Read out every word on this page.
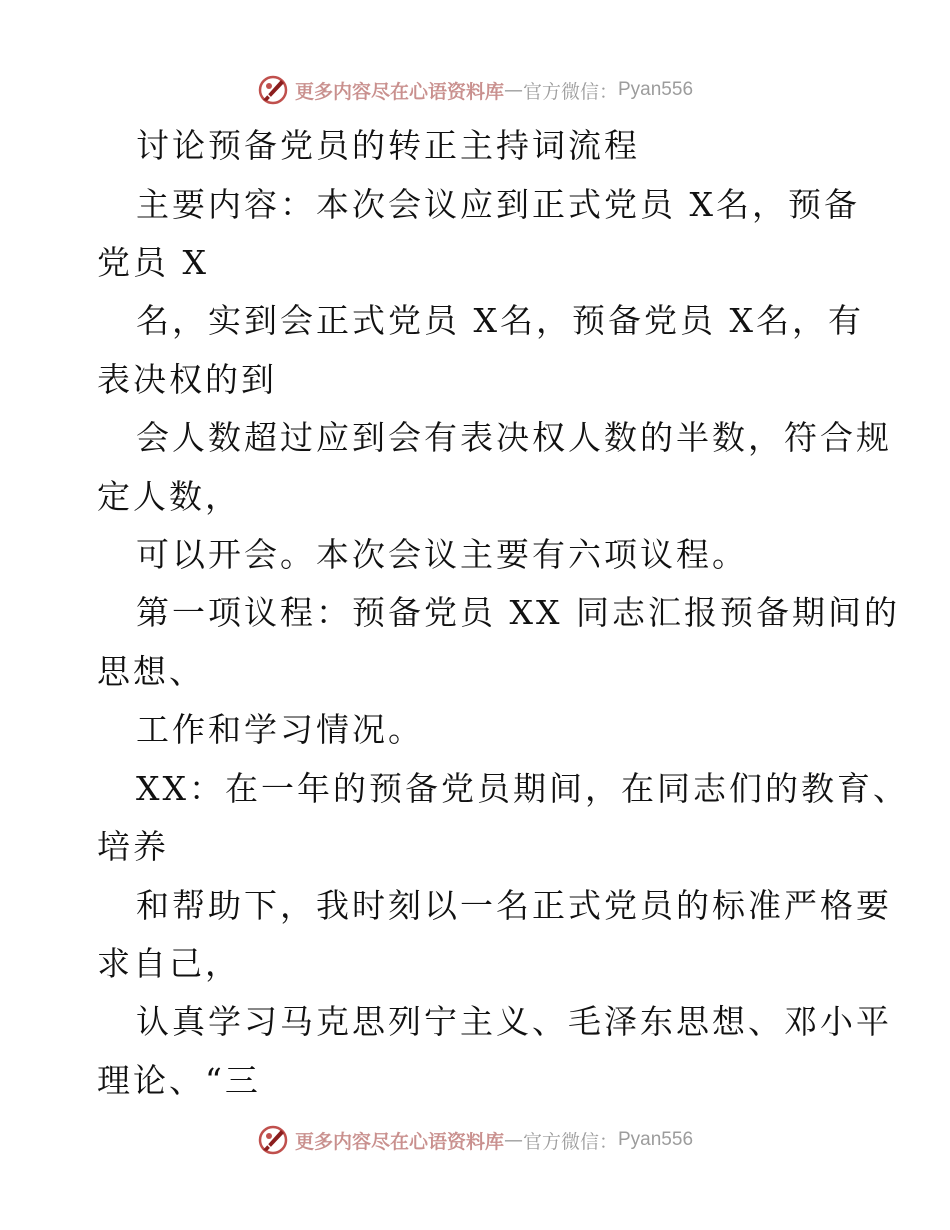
更多内容尽在心语资料库 — 官方微信： Pyan556
讨论预备党员的转正主持词流程
主要内容：本次会议应到正式党员 X名，预备
党员 X
名，实到会正式党员 X名，预备党员 X名，有
表决权的到
会人数超过应到会有表决权人数的半数，符合规
定人数，
可以开会。本次会议主要有六项议程。
第一项议程：预备党员 XX 同志汇报预备期间的
思想、
工作和学习情况。
XX：在一年的预备党员期间，在同志们的教育、
培养
和帮助下，我时刻以一名正式党员的标准严格要
求自己，
认真学习马克思列宁主义、毛泽东思想、邓小平
理论、“三
更多内容尽在心语资料库 — 官方微信： Pyan556
